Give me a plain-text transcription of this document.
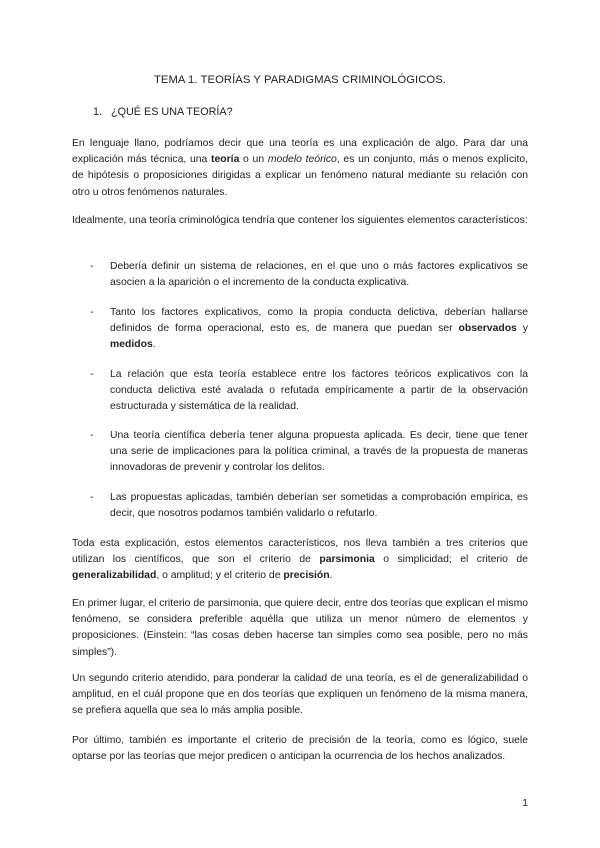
TEMA 1. TEORÍAS Y PARADIGMAS CRIMINOLÓGICOS.
1. ¿QUÉ ES UNA TEORÍA?

En lenguaje llano, podríamos decir que una teoría es una explicación de algo. Para dar una explicación más técnica, una teoría o un modelo teórico, es un conjunto, más o menos explícito, de hipótesis o proposiciones dirigidas a explicar un fenómeno natural mediante su relación con otro u otros fenómenos naturales.

Idealmente, una teoría criminológica tendría que contener los siguientes elementos característicos:

- Debería definir un sistema de relaciones, en el que uno o más factores explicativos se asocien a la aparición o el incremento de la conducta explicativa.
- Tanto los factores explicativos, como la propia conducta delictiva, deberían hallarse definidos de forma operacional, esto es, de manera que puedan ser observados y medidos.
- La relación que esta teoría establece entre los factores teóricos explicativos con la conducta delictiva esté avalada o refutada empíricamente a partir de la observación estructurada y sistemática de la realidad.
- Una teoría científica debería tener alguna propuesta aplicada. Es decir, tiene que tener una serie de implicaciones para la política criminal, a través de la propuesta de maneras innovadoras de prevenir y controlar los delitos.
- Las propuestas aplicadas, también deberían ser sometidas a comprobación empírica, es decir, que nosotros podamos también validarlo o refutarlo.

Toda esta explicación, estos elementos característicos, nos lleva también a tres criterios que utilizan los científicos, que son el criterio de parsimonia o simplicidad; el criterio de generalizabilidad, o amplitud; y el criterio de precisión.

En primer lugar, el criterio de parsimonia, que quiere decir, entre dos teorías que explican el mismo fenómeno, se considera preferible aquélla que utiliza un menor número de elementos y proposiciones. (Einstein: “las cosas deben hacerse tan simples como sea posible, pero no más simples”).

Un segundo criterio atendido, para ponderar la calidad de una teoría, es el de generalizabilidad o amplitud, en el cuál propone que en dos teorías que expliquen un fenómeno de la misma manera, se prefiera aquella que sea lo más amplia posible.

Por último, también es importante el criterio de precisión de la teoría, como es lógico, suele optarse por las teorías que mejor predicen o anticipan la ocurrencia de los hechos analizados.

1
